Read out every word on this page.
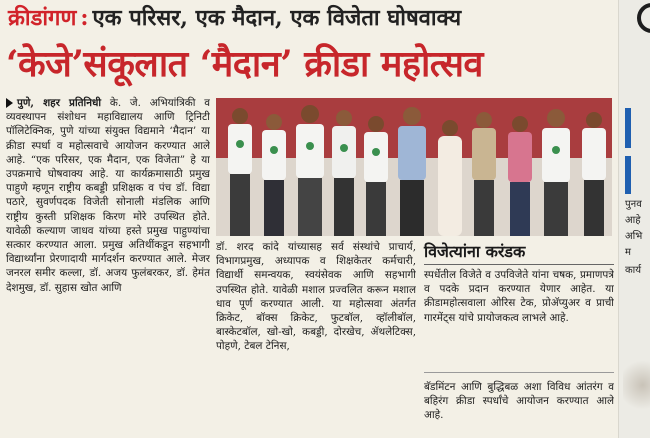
क्रीडांगण : एक परिसर, एक मैदान, एक विजेता घोषवाक्य
‘केजे’संकूलात ‘मैदान’ क्रीडा महोत्सव
पुणे, शहर प्रतिनिधी के. जे. अभियांत्रिकी व व्यवस्थापन संशोधन महाविद्यालय आणि ट्रिनिटी पॉलिटेक्निक, पुणे यांच्या संयुक्त विद्यमाने ‘मैदान’ या क्रीडा स्पर्धा व महोत्सवाचे आयोजन करण्यात आले आहे. “एक परिसर, एक मैदान, एक विजेता” हे या उपक्रमाचे घोषवाक्य आहे. या कार्यक्रमासाठी प्रमुख पाहुणे म्हणून राष्ट्रीय कबड्डी प्रशिक्षक व पंच डॉ. विद्या पठारे, सुवर्णपदक विजेती सोनाली मंडलिक आणि राष्ट्रीय कुस्ती प्रशिक्षक किरण मोरे उपस्थित होते. यावेळी कल्याण जाधव यांच्या हस्ते प्रमुख पाहुण्यांचा सत्कार करण्यात आला. प्रमुख अतिथींकडून सहभागी विद्यार्थ्यांना प्रेरणादायी मार्गदर्शन करण्यात आले. मेजर जनरल समीर कल्ला, डॉ. अजय फुलंबरकर, डॉ. हेमंत देशमुख, डॉ. सुहास खोत आणि
डॉ. शरद कांदे यांच्यासह सर्व संस्थांचे प्राचार्य, विभागप्रमुख, अध्यापक व शिक्षकेतर कर्मचारी, विद्यार्थी समन्वयक, स्वयंसेवक आणि सहभागी उपस्थित होते. यावेळी मशाल प्रज्वलित करून मशाल धाव पूर्ण करण्यात आली. या महोत्सवा अंतर्गत क्रिकेट, बॉक्स क्रिकेट, फुटबॉल, व्हॉलीबॉल, बास्केटबॉल, खो-खो, कबड्डी, दोरखेच, ॲथलेटिक्स, पोहणे, टेबल टेनिस,
विजेत्यांना करंडक
स्पर्धेतील विजेते व उपविजेते यांना चषक, प्रमाणपत्रे व पदके प्रदान करण्यात येणार आहेत. या क्रीडामहोत्सवाला ओरिस टेक, प्रोअ‍ॅप्युअर व प्राची गारमेंट्स यांचे प्रायोजकत्व लाभले आहे.
बॅडमिंटन आणि बुद्धिबळ अशा विविध आंतरंग व बहिरंग क्रीडा स्पर्धांचे आयोजन करण्यात आले आहे.
पुनव
आहे
अभि
म
कार्य
